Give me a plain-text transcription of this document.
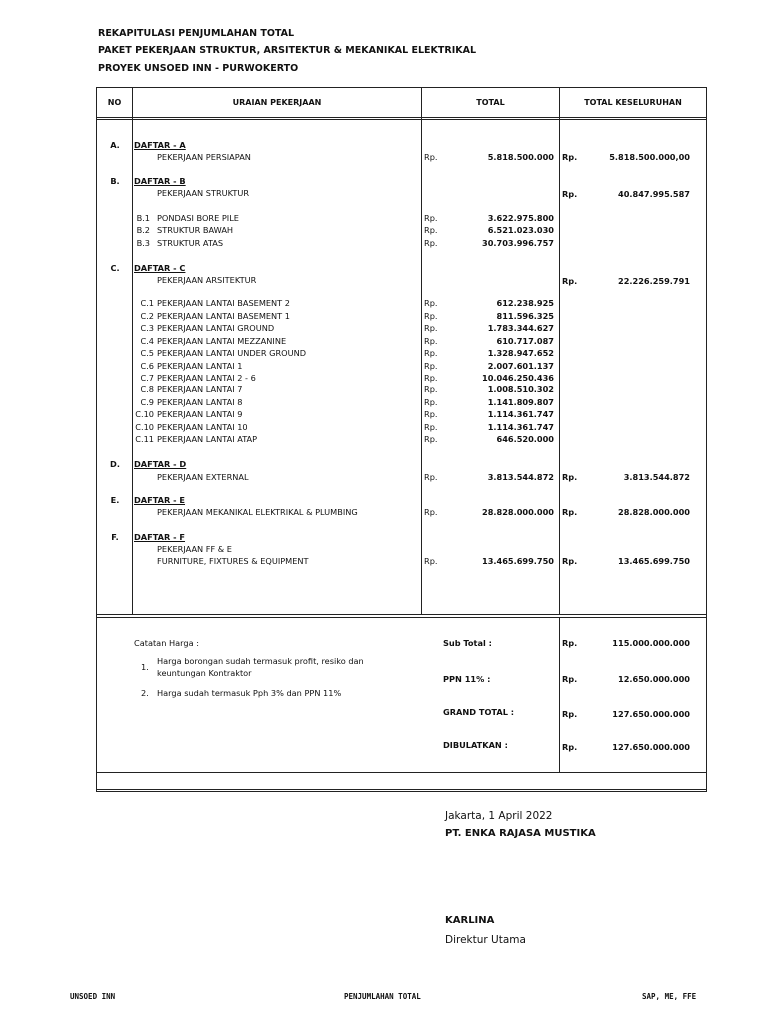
REKAPITULASI PENJUMLAHAN TOTAL
PAKET PEKERJAAN STRUKTUR, ARSITEKTUR & MEKANIKAL ELEKTRIKAL
PROYEK UNSOED INN - PURWOKERTO
NO	URAIAN PEKERJAAN	TOTAL	TOTAL KESELURUHAN
A.	DAFTAR - A
PEKERJAAN PERSIAPAN	Rp.	5.818.500.000 Rp.	5.818.500.000,00
B.	DAFTAR - B
PEKERJAAN STRUKTUR	Rp.	40.847.995.587
B.1 PONDASI BORE PILE	Rp.	3.622.975.800
B.2 STRUKTUR BAWAH	Rp.	6.521.023.030
B.3 STRUKTUR ATAS	Rp.	30.703.996.757
C.	DAFTAR - C
PEKERJAAN ARSITEKTUR	Rp.	22.226.259.791
C.1 PEKERJAAN LANTAI BASEMENT 2	Rp.	612.238.925
C.2 PEKERJAAN LANTAI BASEMENT 1	Rp.	811.596.325
C.3 PEKERJAAN LANTAI GROUND	Rp.	1.783.344.627
C.4 PEKERJAAN LANTAI MEZZANINE	Rp.	610.717.087
C.5 PEKERJAAN LANTAI UNDER GROUND	Rp.	1.328.947.652
C.6 PEKERJAAN LANTAI 1	Rp.	2.007.601.137
C.7 PEKERJAAN LANTAI 2 - 6	Rp.	10.046.250.436
C.8 PEKERJAAN LANTAI 7	Rp.	1.008.510.302
C.9 PEKERJAAN LANTAI 8	Rp.	1.141.809.807
C.10 PEKERJAAN LANTAI 9	Rp.	1.114.361.747
C.10 PEKERJAAN LANTAI 10	Rp.	1.114.361.747
C.11 PEKERJAAN LANTAI ATAP	Rp.	646.520.000
D.	DAFTAR - D
PEKERJAAN EXTERNAL	Rp.	3.813.544.872 Rp.	3.813.544.872
E.	DAFTAR - E
PEKERJAAN MEKANIKAL ELEKTRIKAL & PLUMBING	Rp.	28.828.000.000 Rp.	28.828.000.000
F.	DAFTAR - F
PEKERJAAN FF & E
FURNITURE, FIXTURES & EQUIPMENT	Rp.	13.465.699.750 Rp.	13.465.699.750
Catatan Harga :
1.
Harga borongan sudah termasuk profit, resiko dan
keuntungan Kontraktor
2. Harga sudah termasuk Pph 3% dan PPN 11%
Sub Total :	Rp.	115.000.000.000
PPN 11% :	Rp.	12.650.000.000
GRAND TOTAL :	Rp.	127.650.000.000
DIBULATKAN :	Rp.	127.650.000.000
Jakarta, 1 April 2022
PT. ENKA RAJASA MUSTIKA
KARLINA
Direktur Utama
UNSOED INN	PENJUMLAHAN TOTAL	SAP, ME, FFE
